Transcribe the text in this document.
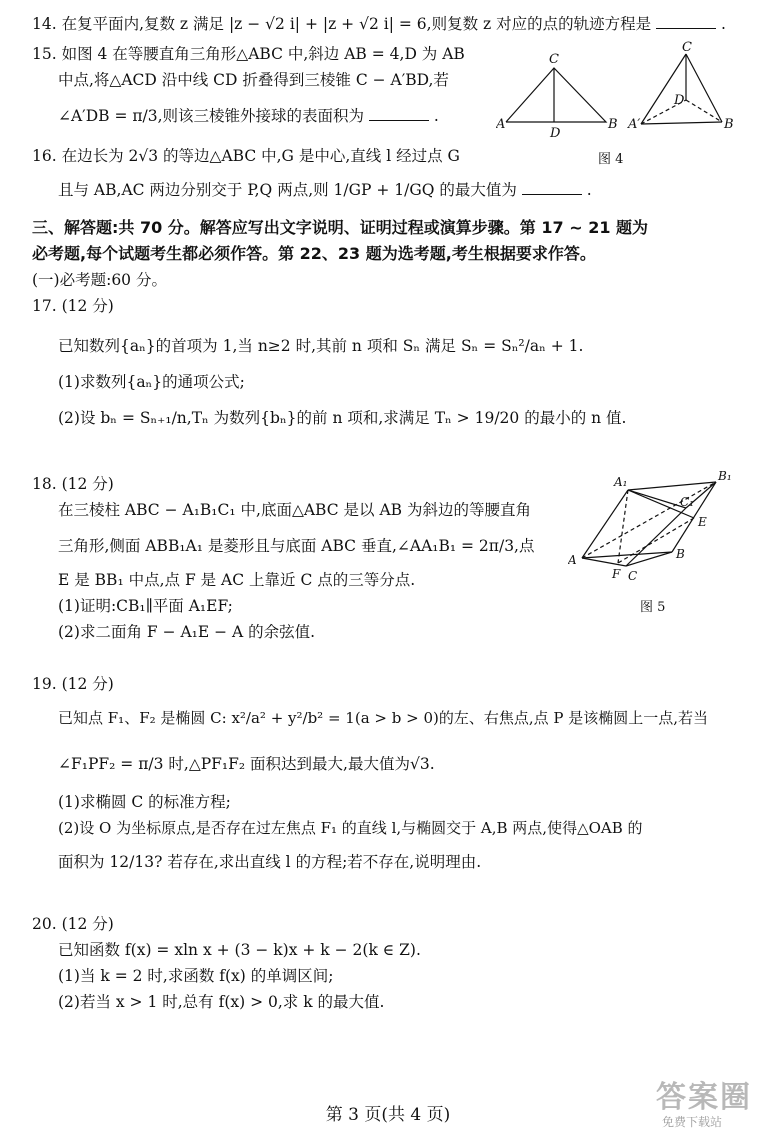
14. 在复平面内,复数 z 满足 |z − √2 i| + |z + √2 i| = 6,则复数 z 对应的点的轨迹方程是	.
15. 如图 4 在等腰直角三角形△ABC 中,斜边 AB = 4,D 为 AB
中点,将△ACD 沿中线 CD 折叠得到三棱锥 C − A′BD,若
∠A′DB = π/3,则该三棱锥外接球的表面积为	.	A
C
D
B
C
D
A′	B
图 4
16. 在边长为 2√3 的等边△ABC 中,G 是中心,直线 l 经过点 G
且与 AB,AC 两边分别交于 P,Q 两点,则 1/GP + 1/GQ 的最大值为	.
三、解答题:共 70 分。解答应写出文字说明、证明过程或演算步骤。第 17 ~ 21 题为
必考题,每个试题考生都必须作答。第 22、23 题为选考题,考生根据要求作答。
(一)必考题:60 分。
17. (12 分)
已知数列{aₙ}的首项为 1,当 n≥2 时,其前 n 项和 Sₙ 满足 Sₙ = Sₙ²/aₙ + 1.
(1)求数列{aₙ}的通项公式;
(2)设 bₙ = Sₙ₊₁/n,Tₙ 为数列{bₙ}的前 n 项和,求满足 Tₙ > 19/20 的最小的 n 值.
18. (12 分)
在三棱柱 ABC − A₁B₁C₁ 中,底面△ABC 是以 AB 为斜边的等腰直角
三角形,侧面 ABB₁A₁ 是菱形且与底面 ABC 垂直,∠AA₁B₁ = 2π/3,点
E 是 BB₁ 中点,点 F 是 AC 上靠近 C 点的三等分点.
(1)证明:CB₁∥平面 A₁EF;
(2)求二面角 F − A₁E − A 的余弦值.
A₁	B₁
C₁
E
A	B
F C
图 5
19. (12 分)
已知点 F₁、F₂ 是椭圆 C: x²/a² + y²/b² = 1(a > b > 0)的左、右焦点,点 P 是该椭圆上一点,若当
∠F₁PF₂ = π/3 时,△PF₁F₂ 面积达到最大,最大值为√3.
(1)求椭圆 C 的标准方程;
(2)设 O 为坐标原点,是否存在过左焦点 F₁ 的直线 l,与椭圆交于 A,B 两点,使得△OAB 的
面积为 12/13? 若存在,求出直线 l 的方程;若不存在,说明理由.
20. (12 分)
已知函数 f(x) = xln x + (3 − k)x + k − 2(k ∈ Z).
(1)当 k = 2 时,求函数 f(x) 的单调区间;
(2)若当 x > 1 时,总有 f(x) > 0,求 k 的最大值.
答案圈
免费下载站
第 3 页(共 4 页)
